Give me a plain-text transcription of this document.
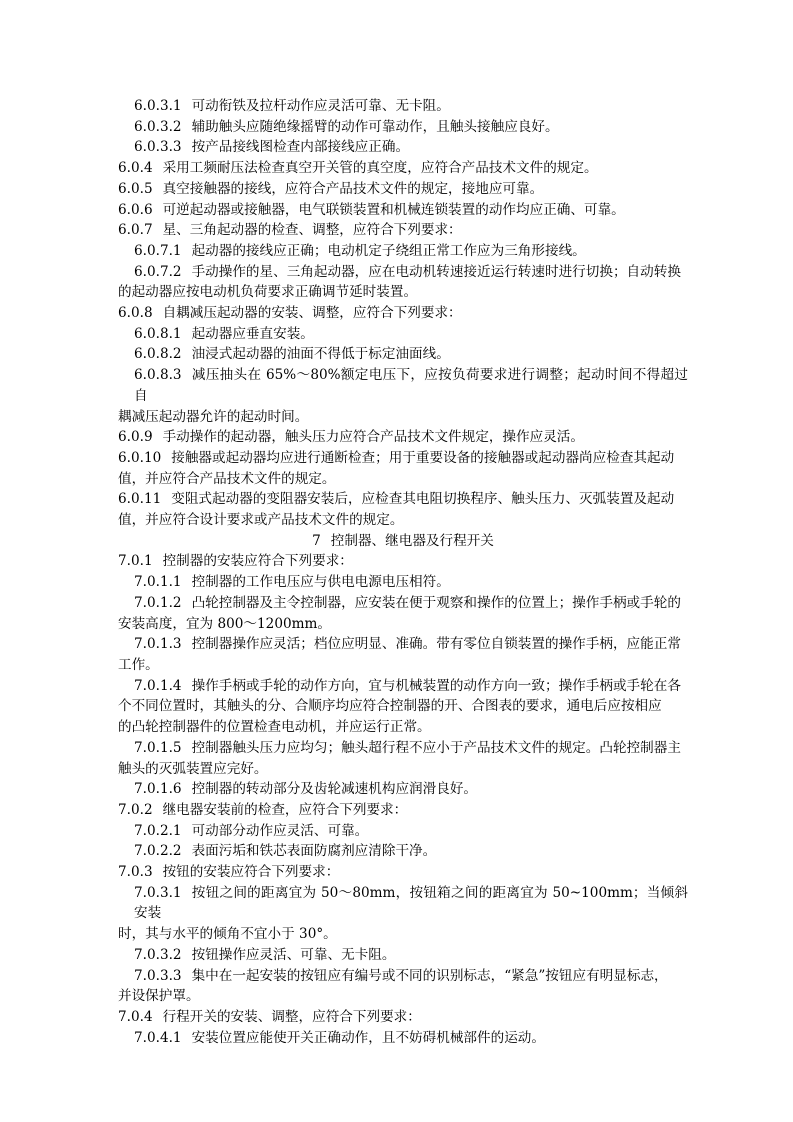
6.0.3.1 可动衔铁及拉杆动作应灵活可靠、无卡阻。

6.0.3.2 辅助触头应随绝缘摇臂的动作可靠动作，且触头接触应良好。

6.0.3.3 按产品接线图检查内部接线应正确。

6.0.4 采用工频耐压法检查真空开关管的真空度，应符合产品技术文件的规定。

6.0.5 真空接触器的接线，应符合产品技术文件的规定，接地应可靠。

6.0.6 可逆起动器或接触器，电气联锁装置和机械连锁装置的动作均应正确、可靠。

6.0.7 星、三角起动器的检查、调整，应符合下列要求：

6.0.7.1 起动器的接线应正确；电动机定子绕组正常工作应为三角形接线。

6.0.7.2 手动操作的星、三角起动器，应在电动机转速接近运行转速时进行切换；自动转换

的起动器应按电动机负荷要求正确调节延时装置。

6.0.8 自耦减压起动器的安装、调整，应符合下列要求：

6.0.8.1 起动器应垂直安装。

6.0.8.2 油浸式起动器的油面不得低于标定油面线。

6.0.8.3 减压抽头在 65%～80%额定电压下，应按负荷要求进行调整；起动时间不得超过自

耦减压起动器允许的起动时间。

6.0.9 手动操作的起动器，触头压力应符合产品技术文件规定，操作应灵活。

6.0.10 接触器或起动器均应进行通断检查；用于重要设备的接触器或起动器尚应检查其起动

值，并应符合产品技术文件的规定。

6.0.11 变阻式起动器的变阻器安装后，应检查其电阻切换程序、触头压力、灭弧装置及起动

值，并应符合设计要求或产品技术文件的规定。

7 控制器、继电器及行程开关

7.0.1 控制器的安装应符合下列要求：

7.0.1.1 控制器的工作电压应与供电电源电压相符。

7.0.1.2 凸轮控制器及主令控制器，应安装在便于观察和操作的位置上；操作手柄或手轮的

安装高度，宜为 800～1200mm。

7.0.1.3 控制器操作应灵活；档位应明显、准确。带有零位自锁装置的操作手柄，应能正常

工作。

7.0.1.4 操作手柄或手轮的动作方向，宜与机械装置的动作方向一致；操作手柄或手轮在各

个不同位置时，其触头的分、合顺序均应符合控制器的开、合图表的要求，通电后应按相应

的凸轮控制器件的位置检查电动机，并应运行正常。

7.0.1.5 控制器触头压力应均匀；触头超行程不应小于产品技术文件的规定。凸轮控制器主

触头的灭弧装置应完好。

7.0.1.6 控制器的转动部分及齿轮减速机构应润滑良好。

7.0.2 继电器安装前的检查，应符合下列要求：

7.0.2.1 可动部分动作应灵活、可靠。

7.0.2.2 表面污垢和铁芯表面防腐剂应清除干净。

7.0.3 按钮的安装应符合下列要求：

7.0.3.1 按钮之间的距离宜为 50～80mm，按钮箱之间的距离宜为 50~100mm；当倾斜安装

时，其与水平的倾角不宜小于 30°。

7.0.3.2 按钮操作应灵活、可靠、无卡阻。

7.0.3.3 集中在一起安装的按钮应有编号或不同的识别标志，“紧急”按钮应有明显标志，

并设保护罩。

7.0.4 行程开关的安装、调整，应符合下列要求：

7.0.4.1 安装位置应能使开关正确动作，且不妨碍机械部件的运动。
